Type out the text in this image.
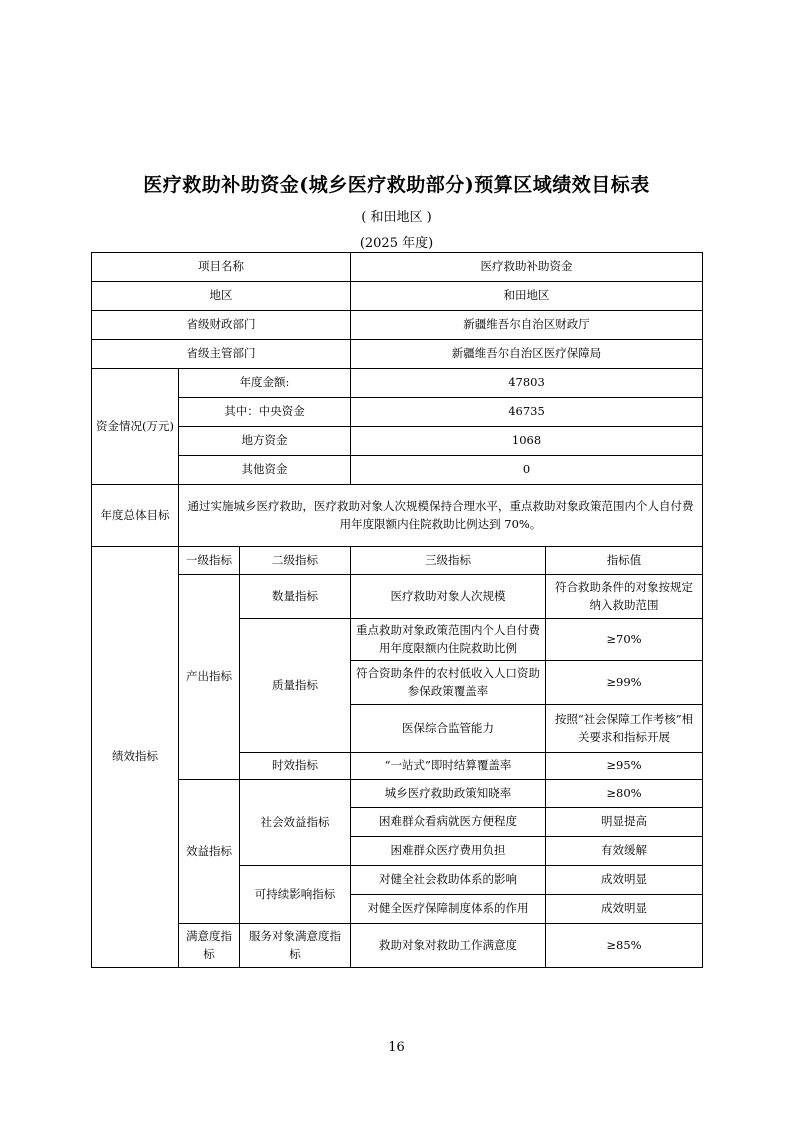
医疗救助补助资金(城乡医疗救助部分)预算区域绩效目标表
( 和田地区 )
(2025 年度)
项目名称			医疗救助补助资金	
地区			和田地区	
省级财政部门			新疆维吾尔自治区财政厅	
省级主管部门			新疆维吾尔自治区医疗保障局	
资金情况(万元)	年度金额:		47803	
	其中：中央资金		46735	
	地方资金		1068	
	其他资金		0	
年度总体目标	通过实施城乡医疗救助，医疗救助对象人次规模保持合理水平，重点救助对象政策范围内个人自付费用年度限额内住院救助比例达到 70%。			
绩效指标	一级指标	二级指标	三级指标	指标值
	产出指标	数量指标	医疗救助对象人次规模	符合救助条件的对象按规定纳入救助范围
		质量指标	重点救助对象政策范围内个人自付费用年度限额内住院救助比例	≥70%
			符合资助条件的农村低收入人口资助参保政策覆盖率	≥99%
			医保综合监管能力	按照“社会保障工作考核”相关要求和指标开展
		时效指标	“一站式”即时结算覆盖率	≥95%
	效益指标	社会效益指标	城乡医疗救助政策知晓率	≥80%
			困难群众看病就医方便程度	明显提高
			困难群众医疗费用负担	有效缓解
		可持续影响指标	对健全社会救助体系的影响	成效明显
			对健全医疗保障制度体系的作用	成效明显
	满意度指标	服务对象满意度指标	救助对象对救助工作满意度	≥85%
16
